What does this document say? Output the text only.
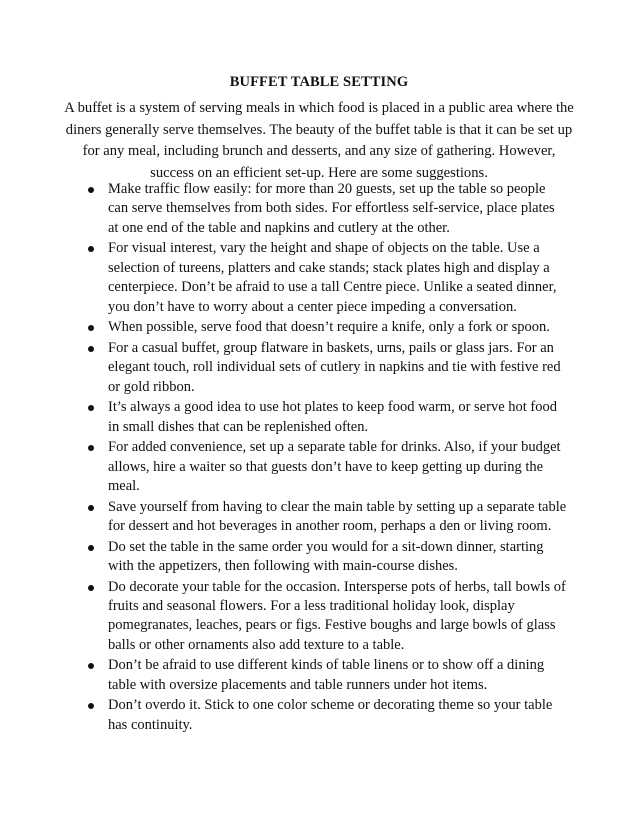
BUFFET TABLE SETTING

A buffet is a system of serving meals in which food is placed in a public area where the diners generally serve themselves. The beauty of the buffet table is that it can be set up for any meal, including brunch and desserts, and any size of gathering. However, success on an efficient set-up. Here are some suggestions.

Make traffic flow easily: for more than 20 guests, set up the table so people can serve themselves from both sides. For effortless self-service, place plates at one end of the table and napkins and cutlery at the other.
For visual interest, vary the height and shape of objects on the table. Use a selection of tureens, platters and cake stands; stack plates high and display a centerpiece. Don’t be afraid to use a tall Centre piece. Unlike a seated dinner, you don’t have to worry about a center piece impeding a conversation.
When possible, serve food that doesn’t require a knife, only a fork or spoon.
For a casual buffet, group flatware in baskets, urns, pails or glass jars. For an elegant touch, roll individual sets of cutlery in napkins and tie with festive red or gold ribbon.
It’s always a good idea to use hot plates to keep food warm, or serve hot food in small dishes that can be replenished often.
For added convenience, set up a separate table for drinks. Also, if your budget allows, hire a waiter so that guests don’t have to keep getting up during the meal.
Save yourself from having to clear the main table by setting up a separate table for dessert and hot beverages in another room, perhaps a den or living room.
Do set the table in the same order you would for a sit-down dinner, starting with the appetizers, then following with main-course dishes.
Do decorate your table for the occasion. Intersperse pots of herbs, tall bowls of fruits and seasonal flowers. For a less traditional holiday look, display pomegranates, leaches, pears or figs. Festive boughs and large bowls of glass balls or other ornaments also add texture to a table.
Don’t be afraid to use different kinds of table linens or to show off a dining table with oversize placements and table runners under hot items.
Don’t overdo it. Stick to one color scheme or decorating theme so your table has continuity.
